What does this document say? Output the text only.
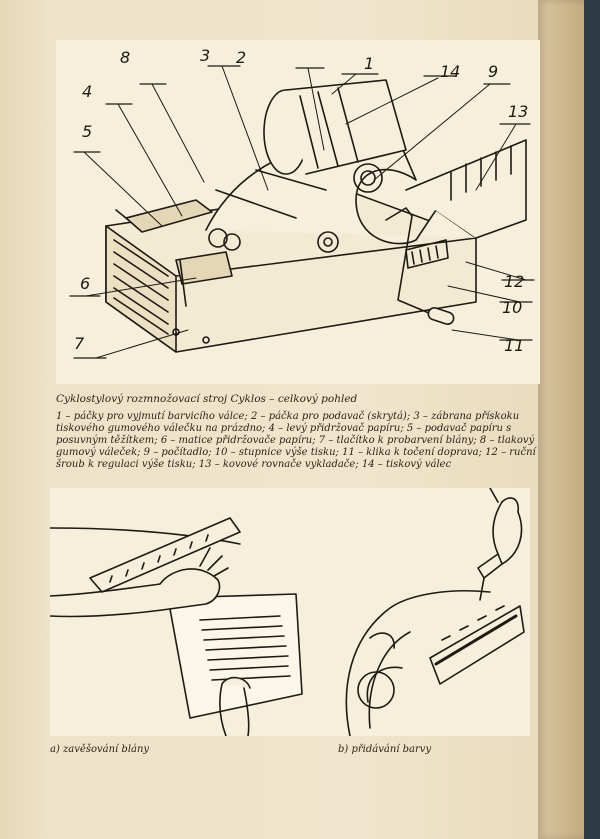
1
2
3
4
5
6
7
8
9
10
11
12
13
14
Cyklostylový rozmnožovací stroj Cyklos – celkový pohled
1 – páčky pro vyjmutí barvicího válce; 2 – páčka pro podavač (skrytá); 3 – zábrana přískoku tiskového gumového válečku na prázdno; 4 – levý přidržovač papíru; 5 – podavač papíru s posuvným těžítkem; 6 – matice přidržovače papíru; 7 – tlačítko k probarvení blány; 8 – tlakový gumový váleček; 9 – počítadlo; 10 – stupnice výše tisku; 11 – klika k točení doprava; 12 – ruční šroub k regulaci výše tisku; 13 – kovové rovnače vykladače; 14 – tiskový válec
a) zavěšování blány	b) přidávání barvy
